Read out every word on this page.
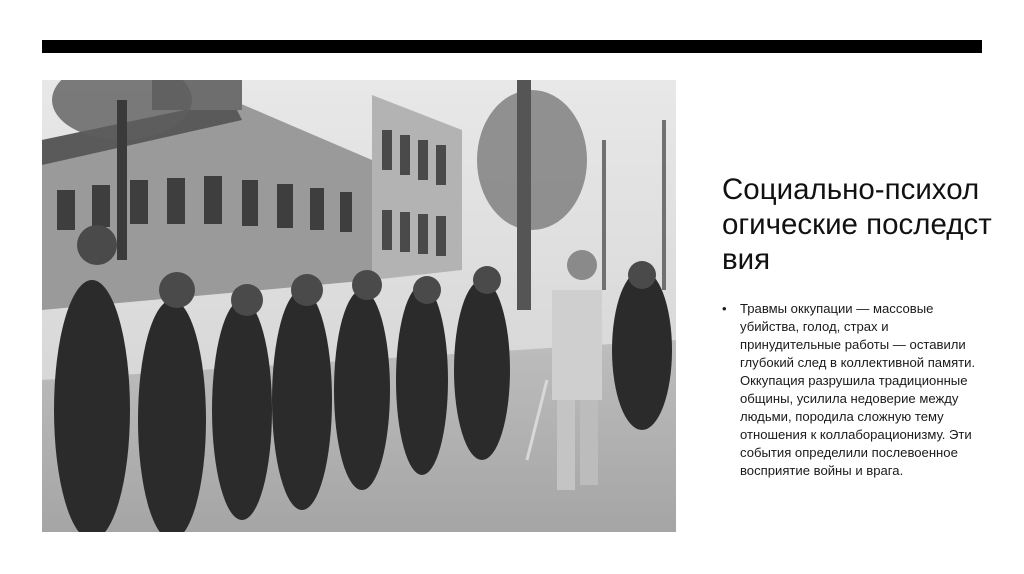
Социально-психологические последствия
• Травмы оккупации — массовые убийства, голод, страх и принудительные работы — оставили глубокий след в коллективной памяти. Оккупация разрушила традиционные общины, усилила недоверие между людьми, породила сложную тему отношения к коллаборационизму. Эти события определили послевоенное восприятие войны и врага.
